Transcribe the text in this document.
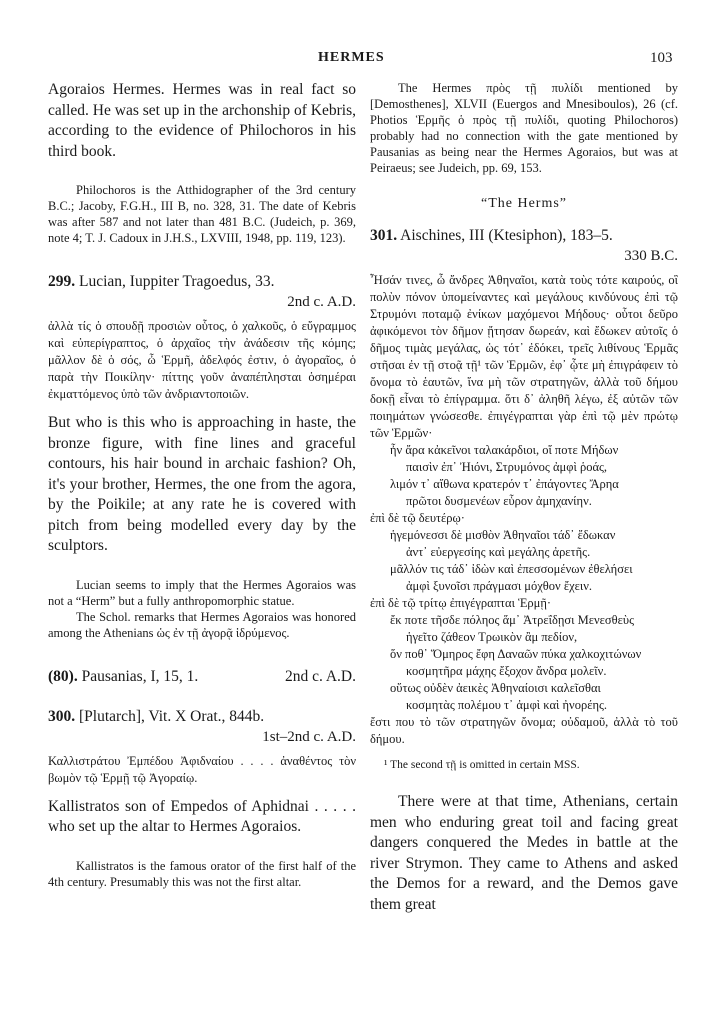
HERMES	103

Agoraios Hermes. Hermes was in real fact so called. He was set up in the archonship of Kebris, according to the evidence of Philochoros in his third book.

Philochoros is the Atthidographer of the 3rd century B.C.; Jacoby, F.G.H., III B, no. 328, 31. The date of Kebris was after 587 and not later than 481 B.C. (Judeich, p. 369, note 4; T. J. Cadoux in J.H.S., LXVIII, 1948, pp. 119, 123).

299. Lucian, Iuppiter Tragoedus, 33.
2nd c. A.D.

ἀλλὰ τίς ὁ σπουδῇ προσιὼν οὗτος, ὁ χαλκοῦς, ὁ εὔγραμμος καὶ εὐπερίγραπτος, ὁ ἀρχαῖος τὴν ἀνάδεσιν τῆς κόμης; μᾶλλον δὲ ὁ σός, ὦ Ἑρμῆ, ἀδελφός ἐστιν, ὁ ἀγοραῖος, ὁ παρὰ τὴν Ποικίλην· πίττης γοῦν ἀναπέπλησται ὁσημέραι ἐκματτόμενος ὑπὸ τῶν ἀνδριαντοποιῶν.

But who is this who is approaching in haste, the bronze figure, with fine lines and graceful contours, his hair bound in archaic fashion? Oh, it's your brother, Hermes, the one from the agora, by the Poikile; at any rate he is covered with pitch from being modelled every day by the sculptors.

Lucian seems to imply that the Hermes Agoraios was not a “Herm” but a fully anthropomorphic statue.

The Schol. remarks that Hermes Agoraios was honored among the Athenians ὡς ἐν τῇ ἀγορᾷ ἱδρύμενος.

(80). Pausanias, I, 15, 1.	2nd c. A.D.
300. [Plutarch], Vit. X Orat., 844b.
1st–2nd c. A.D.

Καλλιστράτου Ἐμπέδου Ἀφιδναίου . . . . ἀναθέντος τὸν βωμὸν τῷ Ἑρμῇ τῷ Ἀγοραίῳ.

Kallistratos son of Empedos of Aphidnai . . . . . who set up the altar to Hermes Agoraios.

Kallistratos is the famous orator of the first half of the 4th century. Presumably this was not the first altar.

The Hermes πρὸς τῇ πυλίδι mentioned by [Demosthenes], XLVII (Euergos and Mnesiboulos), 26 (cf. Photios Ἑρμῆς ὁ πρὸς τῇ πυλίδι, quoting Philochoros) probably had no connection with the gate mentioned by Pausanias as being near the Hermes Agoraios, but was at Peiraeus; see Judeich, pp. 69, 153.

“The Herms”
301. Aischines, III (Ktesiphon), 183–5.
330 B.C.

Ἦσάν τινες, ὦ ἄνδρες Ἀθηναῖοι, κατὰ τοὺς τότε καιρούς, οἳ πολὺν πόνον ὑπομείναντες καὶ μεγάλους κινδύνους ἐπὶ τῷ Στρυμόνι ποταμῷ ἐνίκων μαχόμενοι Μήδους· οὗτοι δεῦρο ἀφικόμενοι τὸν δῆμον ᾔτησαν δωρεάν, καὶ ἔδωκεν αὐτοῖς ὁ δῆμος τιμὰς μεγάλας, ὡς τότ᾽ ἐδόκει, τρεῖς λιθίνους Ἑρμᾶς στῆσαι ἐν τῇ στοᾷ τῇ¹ τῶν Ἑρμῶν, ἐφ᾽ ᾧτε μὴ ἐπιγράφειν τὸ ὄνομα τὸ ἑαυτῶν, ἵνα μὴ τῶν στρατηγῶν, ἀλλὰ τοῦ δήμου δοκῇ εἶναι τὸ ἐπίγραμμα. ὅτι δ᾽ ἀληθῆ λέγω, ἐξ αὐτῶν τῶν ποιημάτων γνώσεσθε. ἐπιγέγραπται γὰρ ἐπὶ τῷ μὲν πρώτῳ τῶν Ἑρμῶν·

ἦν ἄρα κἀκεῖνοι ταλακάρδιοι, οἵ ποτε Μήδων
παισὶν ἐπ᾽ Ἠιόνι, Στρυμόνος ἀμφὶ ῥοάς,
λιμόν τ᾽ αἴθωνα κρατερόν τ᾽ ἐπάγοντες Ἄρηα
πρῶτοι δυσμενέων εὗρον ἀμηχανίην.
ἐπὶ δὲ τῷ δευτέρῳ·
ἡγεμόνεσσι δὲ μισθὸν Ἀθηναῖοι τάδ᾽ ἔδωκαν
ἀντ᾽ εὐεργεσίης καὶ μεγάλης ἀρετῆς.
μᾶλλόν τις τάδ᾽ ἰδὼν καὶ ἐπεσσομένων ἐθελήσει
ἀμφὶ ξυνοῖσι πράγμασι μόχθον ἔχειν.
ἐπὶ δὲ τῷ τρίτῳ ἐπιγέγραπται Ἑρμῇ·
ἔκ ποτε τῆσδε πόληος ἅμ᾽ Ἀτρεΐδῃσι Μενεσθεὺς
ἡγεῖτο ζάθεον Τρωικὸν ἂμ πεδίον,
ὅν ποθ᾽ Ὅμηρος ἔφη Δαναῶν πύκα χαλκοχιτώνων
κοσμητῆρα μάχης ἔξοχον ἄνδρα μολεῖν.
οὕτως οὐδὲν ἀεικὲς Ἀθηναίοισι καλεῖσθαι
κοσμητὰς πολέμου τ᾽ ἀμφὶ καὶ ἠνορέης.

ἔστι που τὸ τῶν στρατηγῶν ὄνομα; οὐδαμοῦ, ἀλλὰ τὸ τοῦ δήμου.

¹ The second τῇ is omitted in certain MSS.

There were at that time, Athenians, certain men who enduring great toil and facing great dangers conquered the Medes in battle at the river Strymon. They came to Athens and asked the Demos for a reward, and the Demos gave them great
